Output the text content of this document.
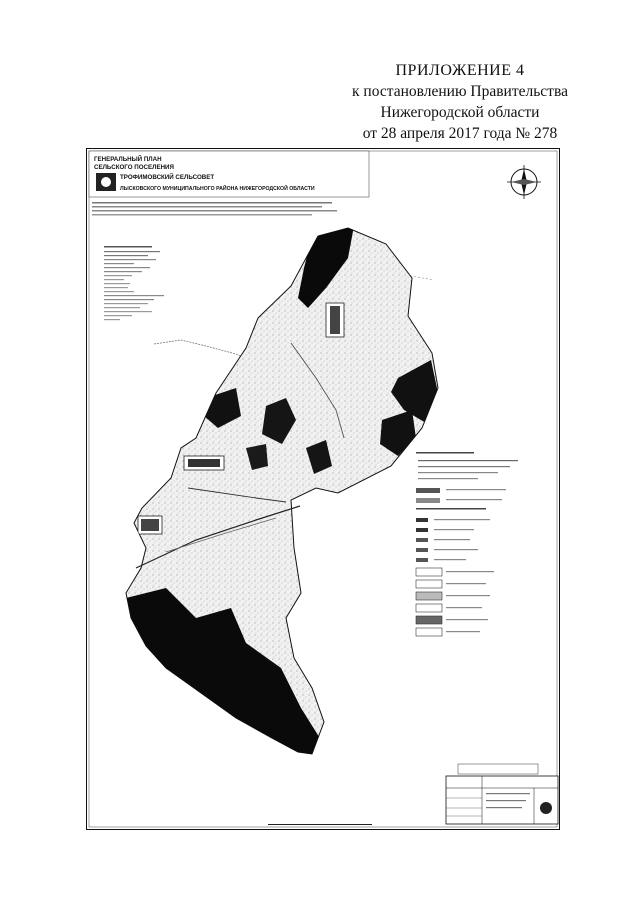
ПРИЛОЖЕНИЕ 4
к постановлению Правительства
Нижегородской области
от 28 апреля 2017 года № 278
ГЕНЕРАЛЬНЫЙ ПЛАН
СЕЛЬСКОГО ПОСЕЛЕНИЯ
ТРОФИМОВСКИЙ СЕЛЬСОВЕТ
ЛЫСКОВСКОГО МУНИЦИПАЛЬНОГО РАЙОНА НИЖЕГОРОДСКОЙ ОБЛАСТИ
